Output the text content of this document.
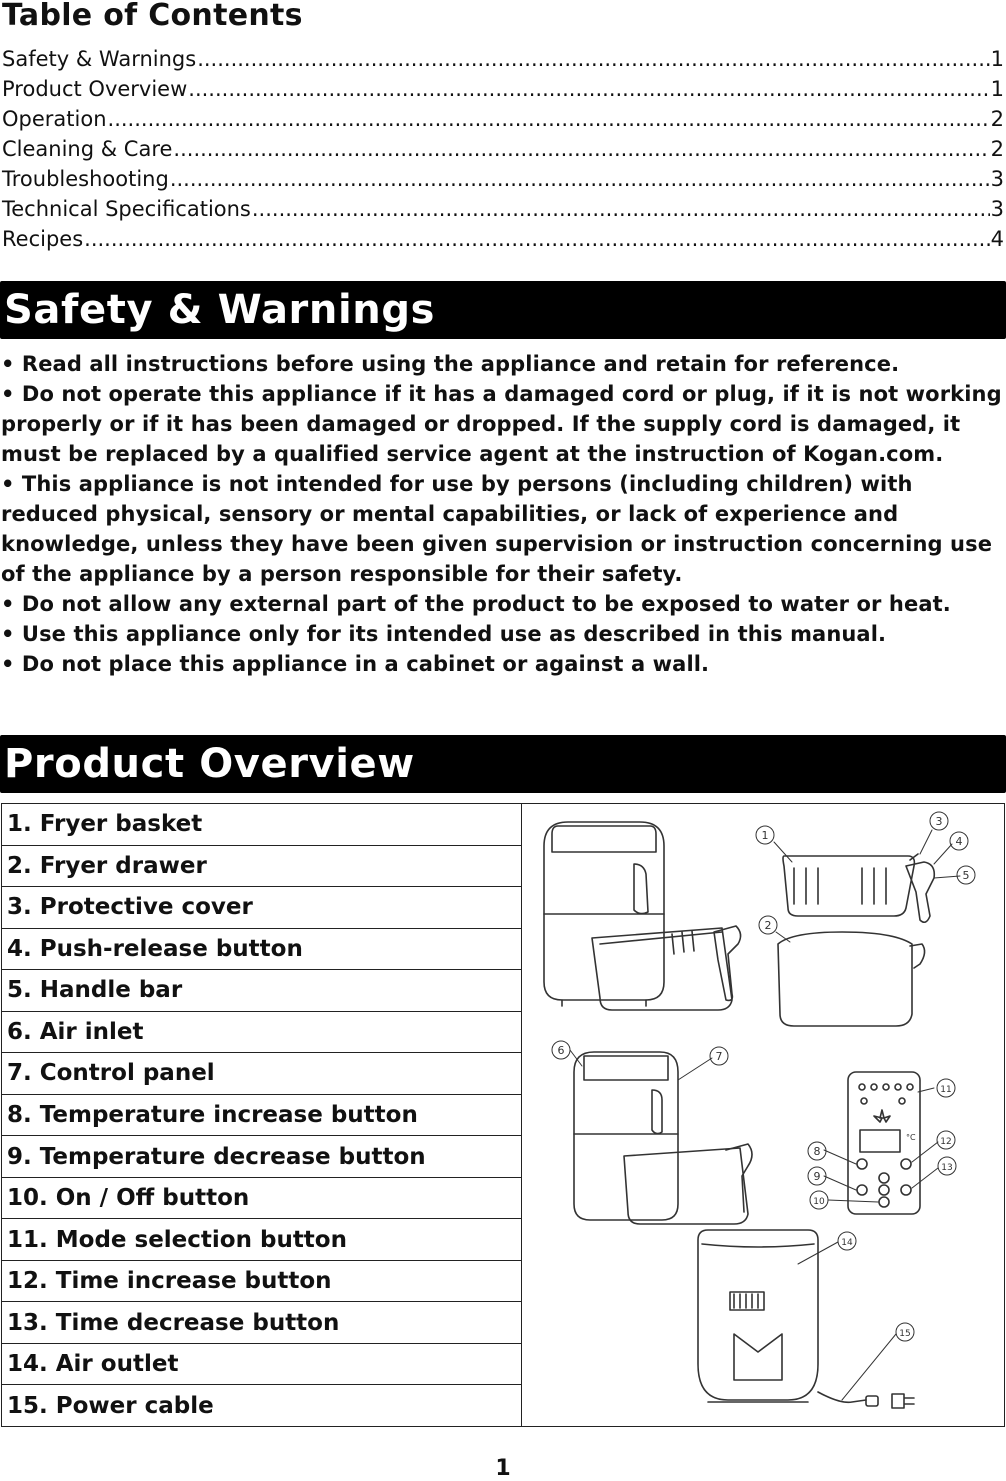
Table of Contents
Safety & Warnings .....	1
Product Overview .....	1
Operation .....	2
Cleaning & Care .....	2
Troubleshooting .....	3
Technical Specifications .....	3
Recipes .....	4
Safety & Warnings
• Read all instructions before using the appliance and retain for reference.
• Do not operate this appliance if it has a damaged cord or plug, if it is not working properly or if it has been damaged or dropped. If the supply cord is damaged, it must be replaced by a qualified service agent at the instruction of Kogan.com.
• This appliance is not intended for use by persons (including children) with reduced physical, sensory or mental capabilities, or lack of experience and knowledge, unless they have been given supervision or instruction concerning use of the appliance by a person responsible for their safety.
• Do not allow any external part of the product to be exposed to water or heat.
• Use this appliance only for its intended use as described in this manual.
• Do not place this appliance in a cabinet or against a wall.
Product Overview
1. Fryer basket
2. Fryer drawer
3. Protective cover
4. Push-release button
5. Handle bar
6. Air inlet
7. Control panel
8. Temperature increase button
9. Temperature decrease button
10. On / Off button
11. Mode selection button
12. Time increase button
13. Time decrease button
14. Air outlet
15. Power cable
°C
1
2
3
4
5
6	7
8
9
10
11
12
13
14
15
1
